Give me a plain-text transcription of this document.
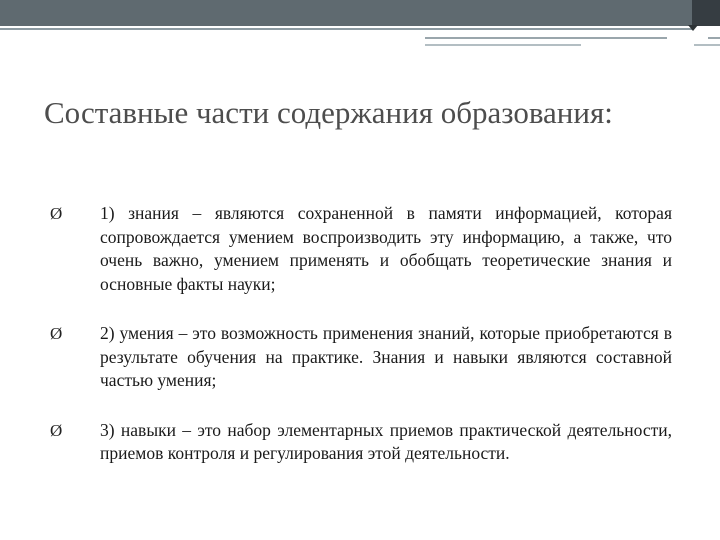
Составные части содержания образования:
Ø	1) знания – являются сохраненной в памяти информацией, которая сопровождается умением воспроизводить эту информацию, а также, что очень важно, умением применять и обобщать теоретические знания и основные факты науки;

Ø	2) умения – это возможность применения знаний, которые приобретаются в результате обучения на практике. Знания и навыки являются составной частью умения;

Ø	3) навыки – это набор элементарных приемов практической деятельности, приемов контроля и регулирования этой деятельности.
